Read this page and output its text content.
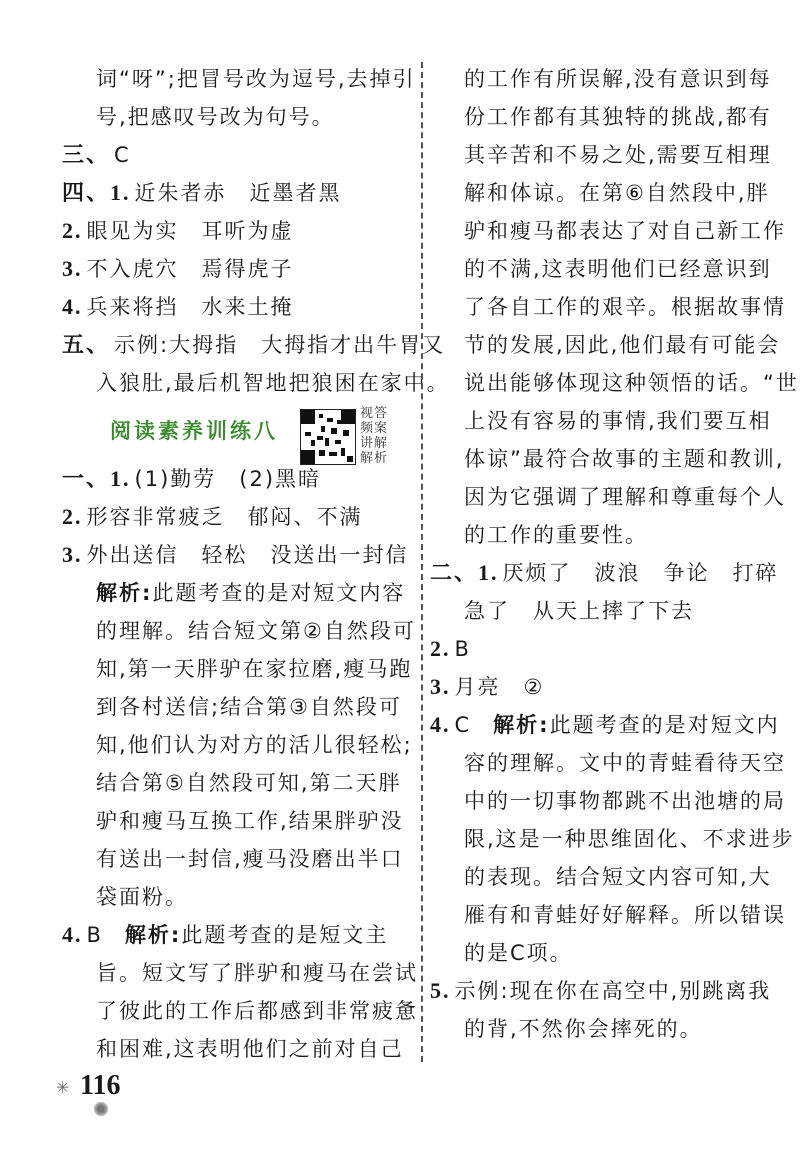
词“呀”;把冒号改为逗号,去掉引
号,把感叹号改为句号。
三、 C
四、1. 近朱者赤　近墨者黑
2. 眼见为实　耳听为虚
3. 不入虎穴　焉得虎子
4. 兵来将挡　水来土掩
五、 示例:大拇指　大拇指才出牛胃又
入狼肚,最后机智地把狼困在家中。
阅读素养训练八
视答
频案
讲解
解析
一、1. (1)勤劳　(2)黑暗
2. 形容非常疲乏　郁闷、不满
3. 外出送信　轻松　没送出一封信
解析:此题考查的是对短文内容
的理解。结合短文第②自然段可
知,第一天胖驴在家拉磨,瘦马跑
到各村送信;结合第③自然段可
知,他们认为对方的活儿很轻松;
结合第⑤自然段可知,第二天胖
驴和瘦马互换工作,结果胖驴没
有送出一封信,瘦马没磨出半口
袋面粉。
4. B 解析:此题考查的是短文主
旨。短文写了胖驴和瘦马在尝试
了彼此的工作后都感到非常疲惫
和困难,这表明他们之前对自己
的工作有所误解,没有意识到每
份工作都有其独特的挑战,都有
其辛苦和不易之处,需要互相理
解和体谅。在第⑥自然段中,胖
驴和瘦马都表达了对自己新工作
的不满,这表明他们已经意识到
了各自工作的艰辛。根据故事情
节的发展,因此,他们最有可能会
说出能够体现这种领悟的话。“世
上没有容易的事情,我们要互相
体谅”最符合故事的主题和教训,
因为它强调了理解和尊重每个人
的工作的重要性。
二、1. 厌烦了　波浪　争论　打碎
急了　从天上摔了下去
2. B
3. 月亮　②
4. C 解析:此题考查的是对短文内
容的理解。文中的青蛙看待天空
中的一切事物都跳不出池塘的局
限,这是一种思维固化、不求进步
的表现。结合短文内容可知,大
雁有和青蛙好好解释。所以错误
的是C项。
5. 示例:现在你在高空中,别跳离我
的背,不然你会摔死的。
✳ 116
